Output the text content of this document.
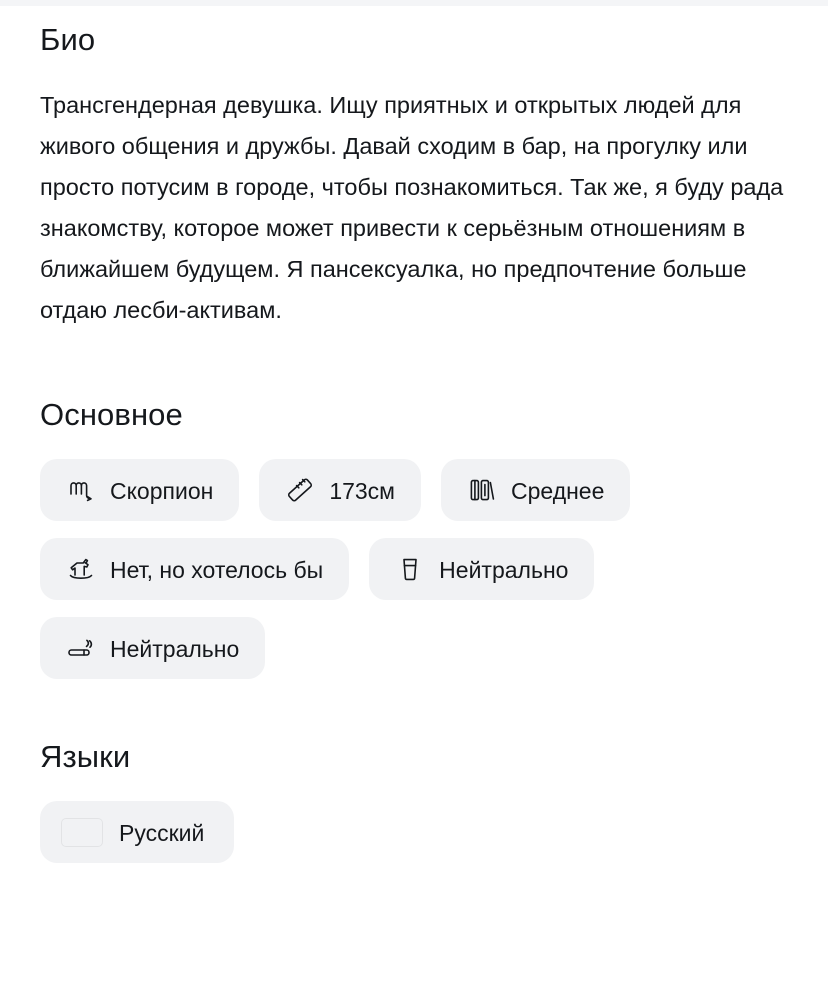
Био

Трансгендерная девушка. Ищу приятных и открытых людей для живого общения и дружбы. Давай сходим в бар, на прогулку или просто потусим в городе, чтобы познакомиться. Так же, я буду рада знакомству, которое может привести к серьёзным отношениям в ближайшем будущем. Я пансексуалка, но предпочтение больше отдаю лесби-активам.

Основное
Скорпион	173см	Среднее
Нет, но хотелось бы	Нейтрально
Нейтрально
Языки
Русский
